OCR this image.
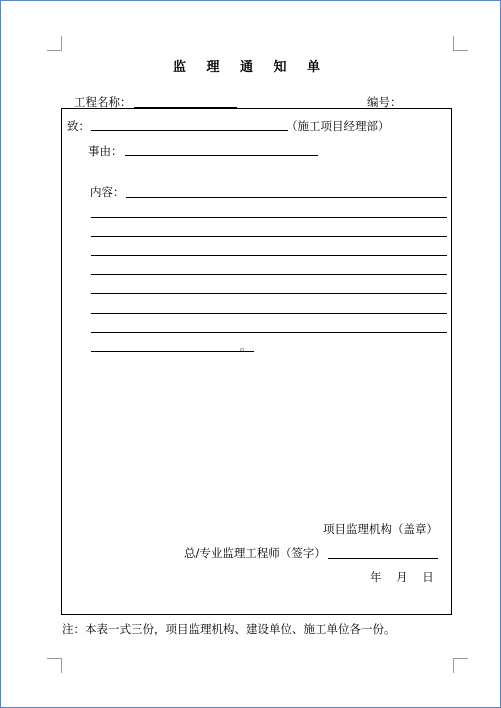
监 理 通 知 单
工程名称：	编号：
致：	（施工项目经理部）
事由：
内容：
。
项目监理机构（盖章）
总/专业监理工程师（签字）
年    月    日
注：本表一式三份，项目监理机构、建设单位、施工单位各一份。
